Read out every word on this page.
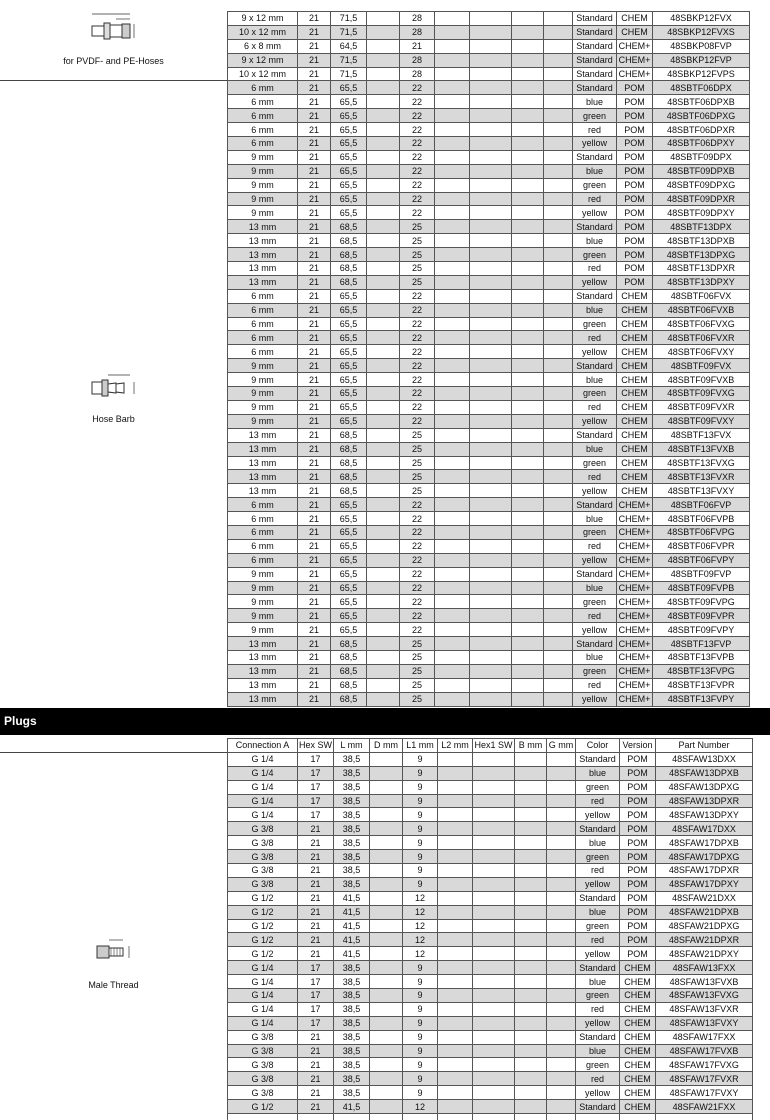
for PVDF- and PE-Hoses
Hose Barb
9 x 12 mm	21	71,5		28					Standard	CHEM	48SBKP12FVX
10 x 12 mm	21	71,5		28					Standard	CHEM	48SBKP12FVXS
6 x 8 mm	21	64,5		21					Standard	CHEM+	48SBKP08FVP
9 x 12 mm	21	71,5		28					Standard	CHEM+	48SBKP12FVP
10 x 12 mm	21	71,5		28					Standard	CHEM+	48SBKP12FVPS
6 mm	21	65,5		22					Standard	POM	48SBTF06DPX
6 mm	21	65,5		22					blue	POM	48SBTF06DPXB
6 mm	21	65,5		22					green	POM	48SBTF06DPXG
6 mm	21	65,5		22					red	POM	48SBTF06DPXR
6 mm	21	65,5		22					yellow	POM	48SBTF06DPXY
9 mm	21	65,5		22					Standard	POM	48SBTF09DPX
9 mm	21	65,5		22					blue	POM	48SBTF09DPXB
9 mm	21	65,5		22					green	POM	48SBTF09DPXG
9 mm	21	65,5		22					red	POM	48SBTF09DPXR
9 mm	21	65,5		22					yellow	POM	48SBTF09DPXY
13 mm	21	68,5		25					Standard	POM	48SBTF13DPX
13 mm	21	68,5		25					blue	POM	48SBTF13DPXB
13 mm	21	68,5		25					green	POM	48SBTF13DPXG
13 mm	21	68,5		25					red	POM	48SBTF13DPXR
13 mm	21	68,5		25					yellow	POM	48SBTF13DPXY
6 mm	21	65,5		22					Standard	CHEM	48SBTF06FVX
6 mm	21	65,5		22					blue	CHEM	48SBTF06FVXB
6 mm	21	65,5		22					green	CHEM	48SBTF06FVXG
6 mm	21	65,5		22					red	CHEM	48SBTF06FVXR
6 mm	21	65,5		22					yellow	CHEM	48SBTF06FVXY
9 mm	21	65,5		22					Standard	CHEM	48SBTF09FVX
9 mm	21	65,5		22					blue	CHEM	48SBTF09FVXB
9 mm	21	65,5		22					green	CHEM	48SBTF09FVXG
9 mm	21	65,5		22					red	CHEM	48SBTF09FVXR
9 mm	21	65,5		22					yellow	CHEM	48SBTF09FVXY
13 mm	21	68,5		25					Standard	CHEM	48SBTF13FVX
13 mm	21	68,5		25					blue	CHEM	48SBTF13FVXB
13 mm	21	68,5		25					green	CHEM	48SBTF13FVXG
13 mm	21	68,5		25					red	CHEM	48SBTF13FVXR
13 mm	21	68,5		25					yellow	CHEM	48SBTF13FVXY
6 mm	21	65,5		22					Standard	CHEM+	48SBTF06FVP
6 mm	21	65,5		22					blue	CHEM+	48SBTF06FVPB
6 mm	21	65,5		22					green	CHEM+	48SBTF06FVPG
6 mm	21	65,5		22					red	CHEM+	48SBTF06FVPR
6 mm	21	65,5		22					yellow	CHEM+	48SBTF06FVPY
9 mm	21	65,5		22					Standard	CHEM+	48SBTF09FVP
9 mm	21	65,5		22					blue	CHEM+	48SBTF09FVPB
9 mm	21	65,5		22					green	CHEM+	48SBTF09FVPG
9 mm	21	65,5		22					red	CHEM+	48SBTF09FVPR
9 mm	21	65,5		22					yellow	CHEM+	48SBTF09FVPY
13 mm	21	68,5		25					Standard	CHEM+	48SBTF13FVP
13 mm	21	68,5		25					blue	CHEM+	48SBTF13FVPB
13 mm	21	68,5		25					green	CHEM+	48SBTF13FVPG
13 mm	21	68,5		25					red	CHEM+	48SBTF13FVPR
13 mm	21	68,5		25					yellow	CHEM+	48SBTF13FVPY
Plugs
Male Thread
Connection A	Hex SW	L mm	D mm	L1 mm	L2 mm	Hex1 SW	B mm	G mm	Color	Version	Part Number
G 1/4	17	38,5		9					Standard	POM	48SFAW13DXX
G 1/4	17	38,5		9					blue	POM	48SFAW13DPXB
G 1/4	17	38,5		9					green	POM	48SFAW13DPXG
G 1/4	17	38,5		9					red	POM	48SFAW13DPXR
G 1/4	17	38,5		9					yellow	POM	48SFAW13DPXY
G 3/8	21	38,5		9					Standard	POM	48SFAW17DXX
G 3/8	21	38,5		9					blue	POM	48SFAW17DPXB
G 3/8	21	38,5		9					green	POM	48SFAW17DPXG
G 3/8	21	38,5		9					red	POM	48SFAW17DPXR
G 3/8	21	38,5		9					yellow	POM	48SFAW17DPXY
G 1/2	21	41,5		12					Standard	POM	48SFAW21DXX
G 1/2	21	41,5		12					blue	POM	48SFAW21DPXB
G 1/2	21	41,5		12					green	POM	48SFAW21DPXG
G 1/2	21	41,5		12					red	POM	48SFAW21DPXR
G 1/2	21	41,5		12					yellow	POM	48SFAW21DPXY
G 1/4	17	38,5		9					Standard	CHEM	48SFAW13FXX
G 1/4	17	38,5		9					blue	CHEM	48SFAW13FVXB
G 1/4	17	38,5		9					green	CHEM	48SFAW13FVXG
G 1/4	17	38,5		9					red	CHEM	48SFAW13FVXR
G 1/4	17	38,5		9					yellow	CHEM	48SFAW13FVXY
G 3/8	21	38,5		9					Standard	CHEM	48SFAW17FXX
G 3/8	21	38,5		9					blue	CHEM	48SFAW17FVXB
G 3/8	21	38,5		9					green	CHEM	48SFAW17FVXG
G 3/8	21	38,5		9					red	CHEM	48SFAW17FVXR
G 3/8	21	38,5		9					yellow	CHEM	48SFAW17FVXY
G 1/2	21	41,5		12					Standard	CHEM	48SFAW21FXX
